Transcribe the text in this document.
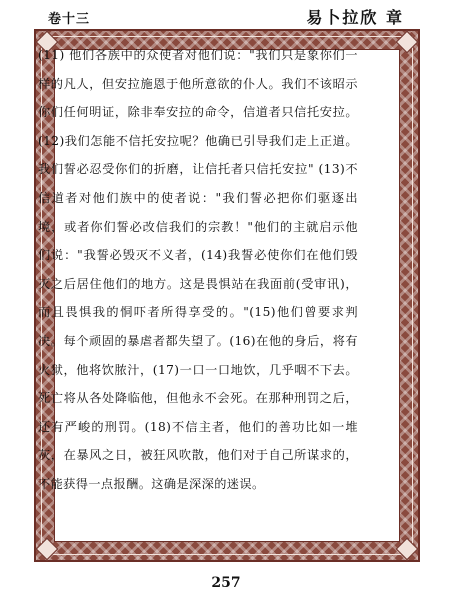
卷十三	易卜拉欣 章

(11) 他们各族中的众使者对他们说："我们只是象你们一样的凡人，但安拉施恩于他所意欲的仆人。我们不该昭示你们任何明证，除非奉安拉的命令，信道者只信托安拉。(12)我们怎能不信托安拉呢？他确已引导我们走上正道。我们誓必忍受你们的折磨，让信托者只信托安拉" (13)不信道者对他们族中的使者说："我们誓必把你们驱逐出境，或者你们誓必改信我们的宗教！"他们的主就启示他们说："我誓必毁灭不义者，(14)我誓必使你们在他们毁灭之后居住他们的地方。这是畏惧站在我面前(受审讯)，而且畏惧我的恫吓者所得享受的。"(15)他们曾要求判决。每个顽固的暴虐者都失望了。(16)在他的身后，将有火狱，他将饮脓汁，(17)一口一口地饮，几乎咽不下去。死亡将从各处降临他，但他永不会死。在那种刑罚之后，还有严峻的刑罚。(18)不信主者，他们的善功比如一堆灰，在暴风之日，被狂风吹散，他们对于自己所谋求的，不能获得一点报酬。这确是深深的迷误。

257
